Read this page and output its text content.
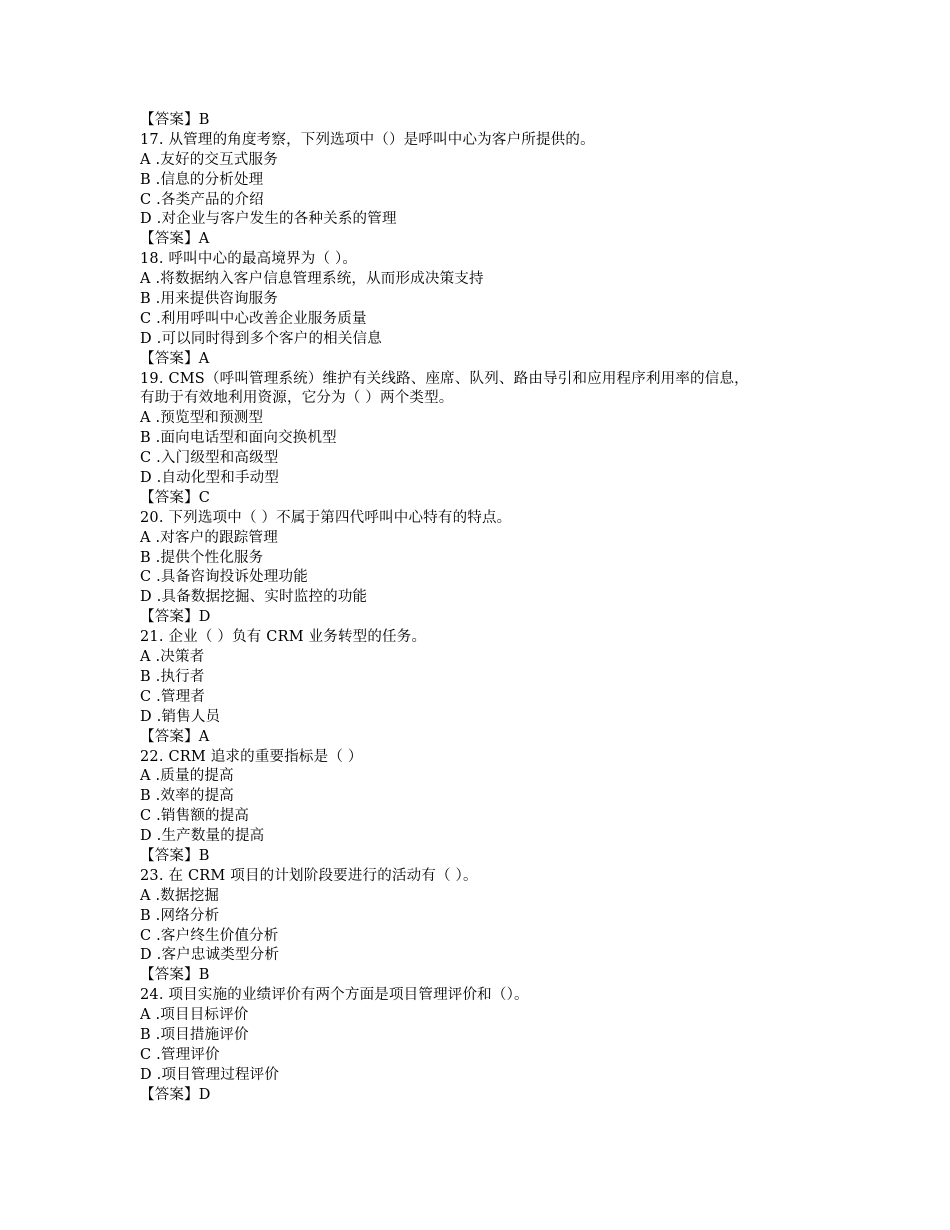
【答案】B
17. 从管理的角度考察，下列选项中（）是呼叫中心为客户所提供的。
A .友好的交互式服务
B .信息的分析处理
C .各类产品的介绍
D .对企业与客户发生的各种关系的管理
【答案】A
18. 呼叫中心的最高境界为（ ）。
A .将数据纳入客户信息管理系统，从而形成决策支持
B .用来提供咨询服务
C .利用呼叫中心改善企业服务质量
D .可以同时得到多个客户的相关信息
【答案】A
19. CMS（呼叫管理系统）维护有关线路、座席、队列、路由导引和应用程序利用率的信息，
有助于有效地利用资源，它分为（ ）两个类型。
A .预览型和预测型
B .面向电话型和面向交换机型
C .入门级型和高级型
D .自动化型和手动型
【答案】C
20. 下列选项中（ ）不属于第四代呼叫中心特有的特点。
A .对客户的跟踪管理
B .提供个性化服务
C .具备咨询投诉处理功能
D .具备数据挖掘、实时监控的功能
【答案】D
21. 企业（ ）负有 CRM 业务转型的任务。
A .决策者
B .执行者
C .管理者
D .销售人员
【答案】A
22. CRM 追求的重要指标是（ ）
A .质量的提高
B .效率的提高
C .销售额的提高
D .生产数量的提高
【答案】B
23. 在 CRM 项目的计划阶段要进行的活动有（ ）。
A .数据挖掘
B .网络分析
C .客户终生价值分析
D .客户忠诚类型分析
【答案】B
24. 项目实施的业绩评价有两个方面是项目管理评价和（）。
A .项目目标评价
B .项目措施评价
C .管理评价
D .项目管理过程评价
【答案】D
